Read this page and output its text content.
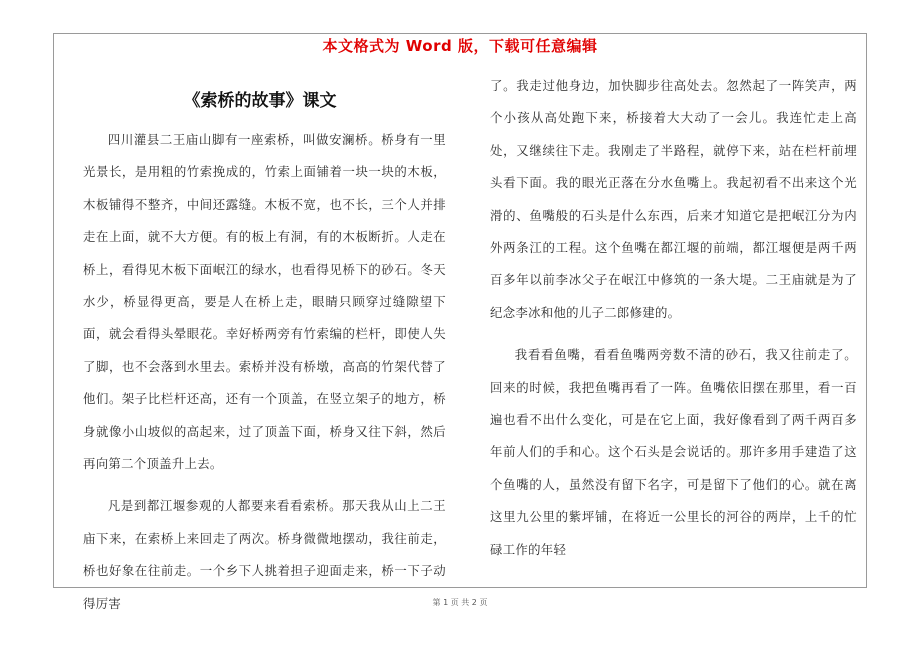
本文格式为 Word 版，下载可任意编辑
《索桥的故事》课文

四川灌县二王庙山脚有一座索桥，叫做安澜桥。桥身有一里光景长，是用粗的竹索挽成的，竹索上面铺着一块一块的木板，木板铺得不整齐，中间还露缝。木板不宽，也不长，三个人并排走在上面，就不大方便。有的板上有洞，有的木板断折。人走在桥上，看得见木板下面岷江的绿水，也看得见桥下的砂石。冬天水少，桥显得更高，要是人在桥上走，眼睛只顾穿过缝隙望下面，就会看得头晕眼花。幸好桥两旁有竹索编的栏杆，即使人失了脚，也不会落到水里去。索桥并没有桥墩，高高的竹架代替了他们。架子比栏杆还高，还有一个顶盖，在竖立架子的地方，桥身就像小山坡似的高起来，过了顶盖下面，桥身又往下斜，然后再向第二个顶盖升上去。

凡是到都江堰参观的人都要来看看索桥。那天我从山上二王庙下来，在索桥上来回走了两次。桥身微微地摆动，我往前走，桥也好象在往前走。一个乡下人挑着担子迎面走来，桥一下子动得厉害

了。我走过他身边，加快脚步往高处去。忽然起了一阵笑声，两个小孩从高处跑下来，桥接着大大动了一会儿。我连忙走上高处，又继续往下走。我刚走了半路程，就停下来，站在栏杆前埋头看下面。我的眼光正落在分水鱼嘴上。我起初看不出来这个光滑的、鱼嘴般的石头是什么东西，后来才知道它是把岷江分为内外两条江的工程。这个鱼嘴在都江堰的前端，都江堰便是两千两百多年以前李冰父子在岷江中修筑的一条大堤。二王庙就是为了纪念李冰和他的儿子二郎修建的。

我看看鱼嘴，看看鱼嘴两旁数不清的砂石，我又往前走了。回来的时候，我把鱼嘴再看了一阵。鱼嘴依旧摆在那里，看一百遍也看不出什么变化，可是在它上面，我好像看到了两千两百多年前人们的手和心。这个石头是会说话的。那许多用手建造了这个鱼嘴的人，虽然没有留下名字，可是留下了他们的心。就在离这里九公里的紫坪铺，在将近一公里长的河谷的两岸，上千的忙碌工作的年轻

第 1 页 共 2 页
